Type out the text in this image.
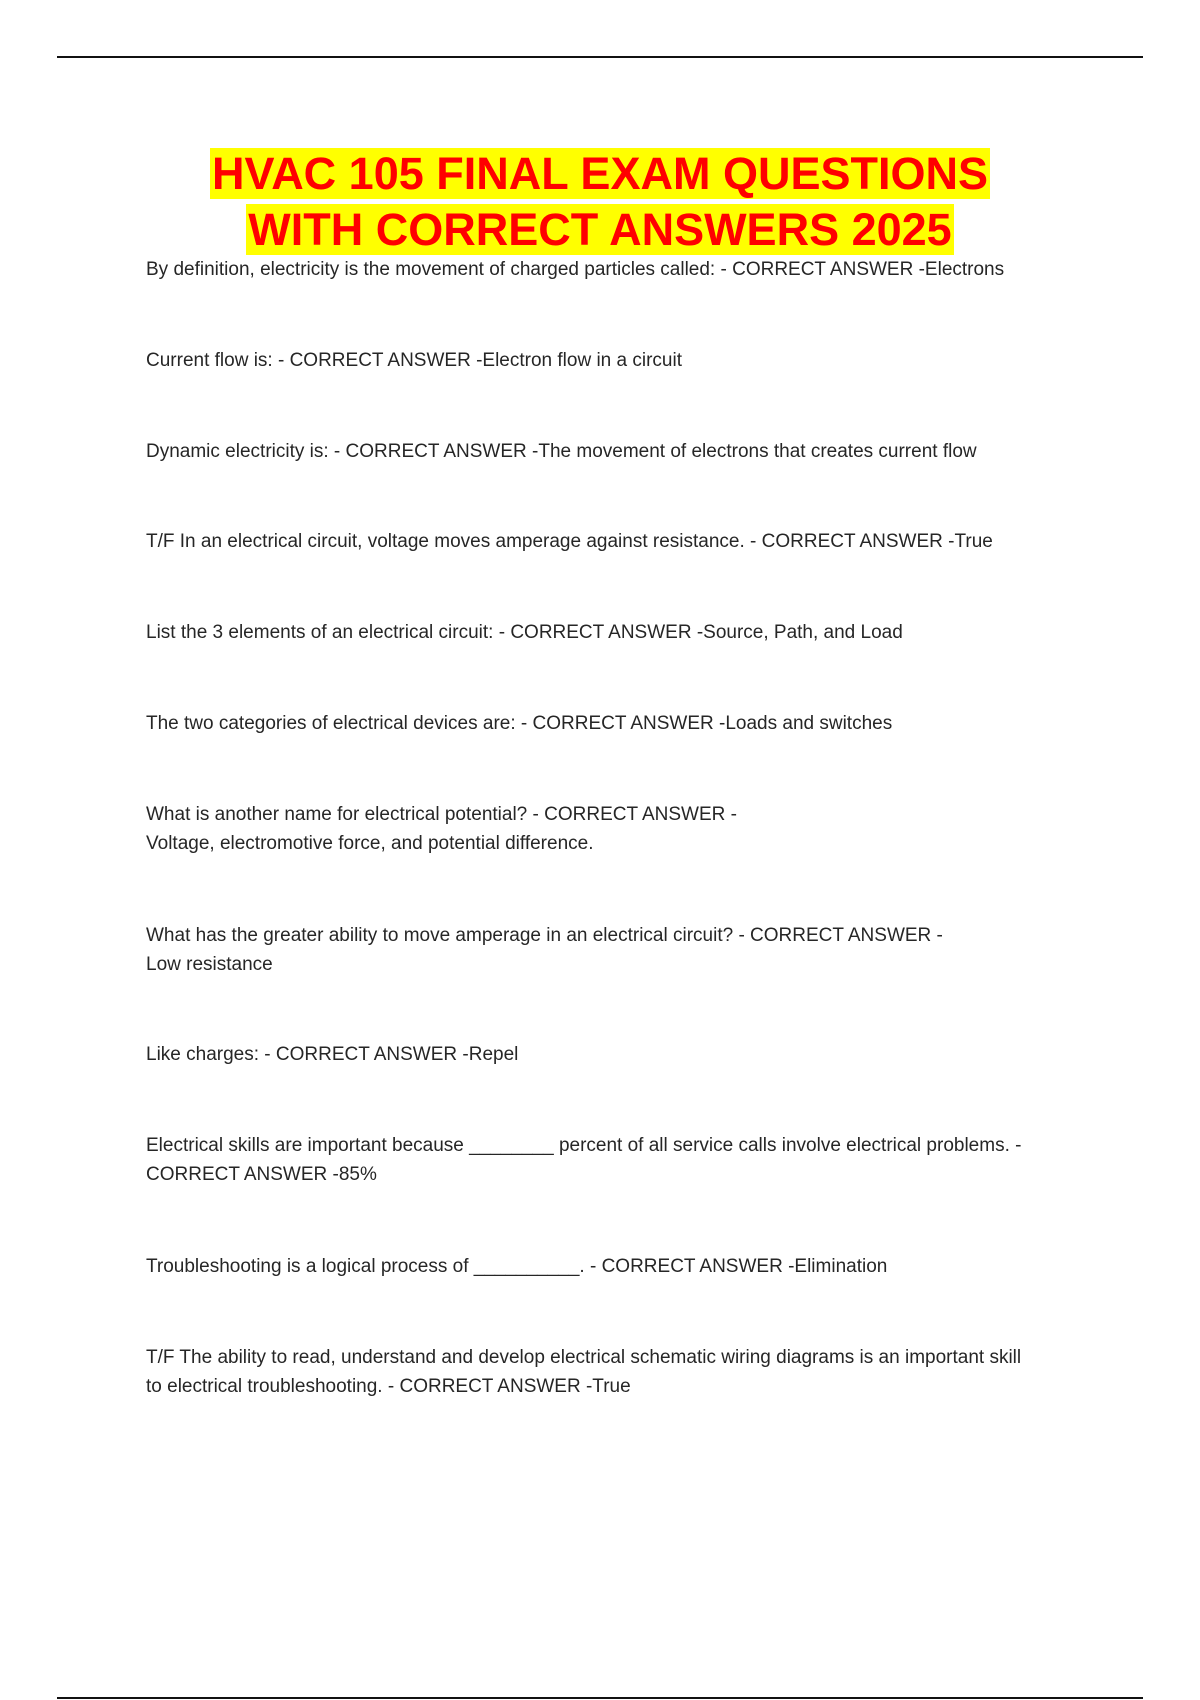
HVAC 105 FINAL EXAM QUESTIONS
WITH CORRECT ANSWERS 2025
By definition, electricity is the movement of charged particles called: - CORRECT ANSWER -Electrons
Current flow is: - CORRECT ANSWER -Electron flow in a circuit
Dynamic electricity is: - CORRECT ANSWER -The movement of electrons that creates current flow
T/F In an electrical circuit, voltage moves amperage against resistance. - CORRECT ANSWER -True
List the 3 elements of an electrical circuit: - CORRECT ANSWER -Source, Path, and Load
The two categories of electrical devices are: - CORRECT ANSWER -Loads and switches
What is another name for electrical potential? - CORRECT ANSWER -
Voltage, electromotive force, and potential difference.
What has the greater ability to move amperage in an electrical circuit? - CORRECT ANSWER -
Low resistance
Like charges: - CORRECT ANSWER -Repel
Electrical skills are important because ________ percent of all service calls involve electrical problems. -
CORRECT ANSWER -85%
Troubleshooting is a logical process of __________. - CORRECT ANSWER -Elimination
T/F The ability to read, understand and develop electrical schematic wiring diagrams is an important skill
to electrical troubleshooting. - CORRECT ANSWER -True
